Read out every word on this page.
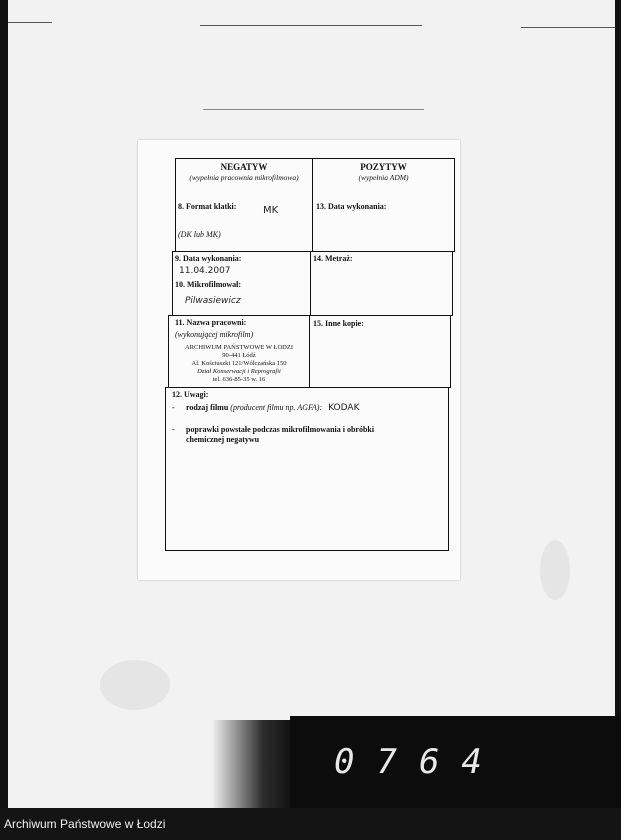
NEGATYW
(wypełnia pracownia mikrofilmowa)
8. Format klatki:	MK
(DK lub MK)
POZYTYW
(wypełnia ADM)
13. Data wykonania:
9. Data wykonania:
11.04.2007
10. Mikrofilmował:
Pilwasiewicz
14. Metraż:
11. Nazwa pracowni:
(wykonującej mikrofilm)
ARCHIWUM PAŃSTWOWE W ŁODZI
90-441 Łódź
Al. Kościuszki 121/Wólczańska 150
Dział Konserwacji i Reprografii
tel. 636-85-35 w. 16
15. Inne kopie:
12. Uwagi:
- rodzaj filmu (producent filmu np. AGFA): KODAK
- poprawki powstałe podczas mikrofilmowania i obróbki
chemicznej negatywu
0764
Archiwum Państwowe w Łodzi
